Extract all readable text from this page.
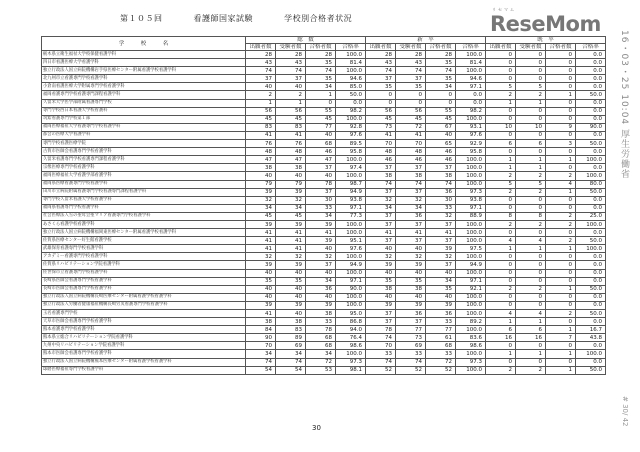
第１０５回	看護師国家試験	学校別合格者状況
リセマム
ReseMom
学　　　校　　　名	総　数				新　卒				既　卒			
	出願者数	受験者数	合格者数	合格率	出願者数	受験者数	合格者数	合格率	出願者数	受験者数	合格者数	合格率
栃木県立衛生福祉大学校保健看護学科	28	28	28	100.0	28	28	28	100.0	0	0	0	0.0
四日市看護医療大学看護学科	43	43	35	81.4	43	43	35	81.4	0	0	0	0.0
独立行政法人国立病院機構岩手県医療センター附属看護学校看護学科	74	74	74	100.0	74	74	74	100.0	0	0	0	0.0
北九州市立看護専門学校看護学科	37	37	35	94.6	37	37	35	94.6	0	0	0	0.0
小倉南看護医療大学附属専門学校看護学科	40	40	34	85.0	35	35	34	97.1	5	5	0	0.0
福岡看護専門学校看護専門課程看護学科	2	2	1	50.0	0	0	0	0.0	2	2	1	50.0
久留米大学医学部附属看護専門学校	1	1	0	0.0	0	0	0	0.0	1	1	0	0.0
専門学校西日本看護大学校看護科	56	56	55	98.2	56	56	55	98.2	0	0	0	0.0
筑紫看護専門学校第１部	45	45	45	100.0	45	45	45	100.0	0	0	0	0.0
福岡医療福祉大学看護専門学校看護学科	83	83	77	92.8	73	72	67	93.1	10	10	9	90.0
都会の医療大学看護学科	41	41	40	97.6	41	41	40	97.6	0	0	0	0.0
専門学校看護医療学院	76	76	68	89.5	70	70	65	92.9	6	6	3	50.0
古賀市医師会看護専門学校看護学科	48	48	46	95.8	48	48	46	95.8	0	0	0	0.0
久留米看護専門学校看護専門課程看護学科	47	47	47	100.0	46	46	46	100.0	1	1	1	100.0
宗像医療専門学校看護学科	38	38	37	97.4	37	37	37	100.0	1	1	0	0.0
福岡医療福祉大学看護学部看護学科	40	40	40	100.0	38	38	38	100.0	2	2	2	100.0
福岡県医療看護専門学校看護学科	79	79	78	98.7	74	74	74	100.0	5	5	4	80.0
田川市立病院附属看護専門学校看護専門課程看護学科	39	39	37	94.9	37	37	36	97.3	2	2	1	50.0
専門学校久留米看護大学校看護学科	32	32	30	93.8	32	32	30	93.8	0	0	0	0.0
福岡県看護専門学校看護学科	34	34	33	97.1	34	34	33	97.1	0	0	0	0.0
社会医療法人雪の聖母会聖マリア看護専門学校看護学科	45	45	34	77.3	37	36	32	88.9	8	8	2	25.0
あさくら看護学校看護学科	39	39	39	100.0	37	37	37	100.0	2	2	2	100.0
独立行政法人国立病院機構福岡東医療センター附属看護学校看護学科	41	41	41	100.0	41	41	41	100.0	0	0	0	0.0
佐賀県医療センター好生館看護学校	41	41	39	95.1	37	37	37	100.0	4	4	2	50.0
武雄保育看護専門学校看護学科	41	41	40	97.6	40	40	39	97.5	1	1	1	100.0
アカデミー看護専門学校看護学科	32	32	32	100.0	32	32	32	100.0	0	0	0	0.0
佐賀県リハビリテーション学院看護学科	39	39	37	94.9	39	39	37	94.9	0	0	0	0.0
佐世保市立看護専門学校看護学科	40	40	40	100.0	40	40	40	100.0	0	0	0	0.0
長崎県医師会看護専門学校看護学科	35	35	34	97.1	35	35	34	97.1	0	0	0	0.0
長崎市医師会看護専門学校看護学科	40	40	36	90.0	38	38	35	92.1	2	2	1	50.0
独立行政法人国立病院機構長崎医療センター附属看護学校看護学科	40	40	40	100.0	40	40	40	100.0	0	0	0	0.0
独立行政法人労働者健康福祉機構長崎労災看護専門学校看護学科	39	39	39	100.0	39	39	39	100.0	0	0	0	0.0
玉名看護専門学校	41	40	38	95.0	37	36	36	100.0	4	4	2	50.0
天草市医師会看護専門学校看護学科	38	38	33	86.8	37	37	33	89.2	1	1	0	0.0
熊本看護専門学校看護学科	84	83	78	94.0	78	77	77	100.0	6	6	1	16.7
熊本県立総合リハビリテーション学院看護学科	90	89	68	76.4	74	73	61	83.6	16	16	7	43.8
九州中央リハビリテーション学院看護学科	70	69	68	98.6	70	69	68	98.6	0	0	0	0.0
熊本市医師会看護専門学校看護学科	34	34	34	100.0	33	33	33	100.0	1	1	1	100.0
独立行政法人国立病院機構熊本医療センター附属看護学校看護学科	74	74	72	97.3	74	74	72	97.3	0	0	0	0.0
球磨医療福祉専門学校看護学科	54	54	53	98.1	52	52	52	100.0	2	2	1	50.0
30
16・03・25 10:04 厚生労働省
# 30/ 42
